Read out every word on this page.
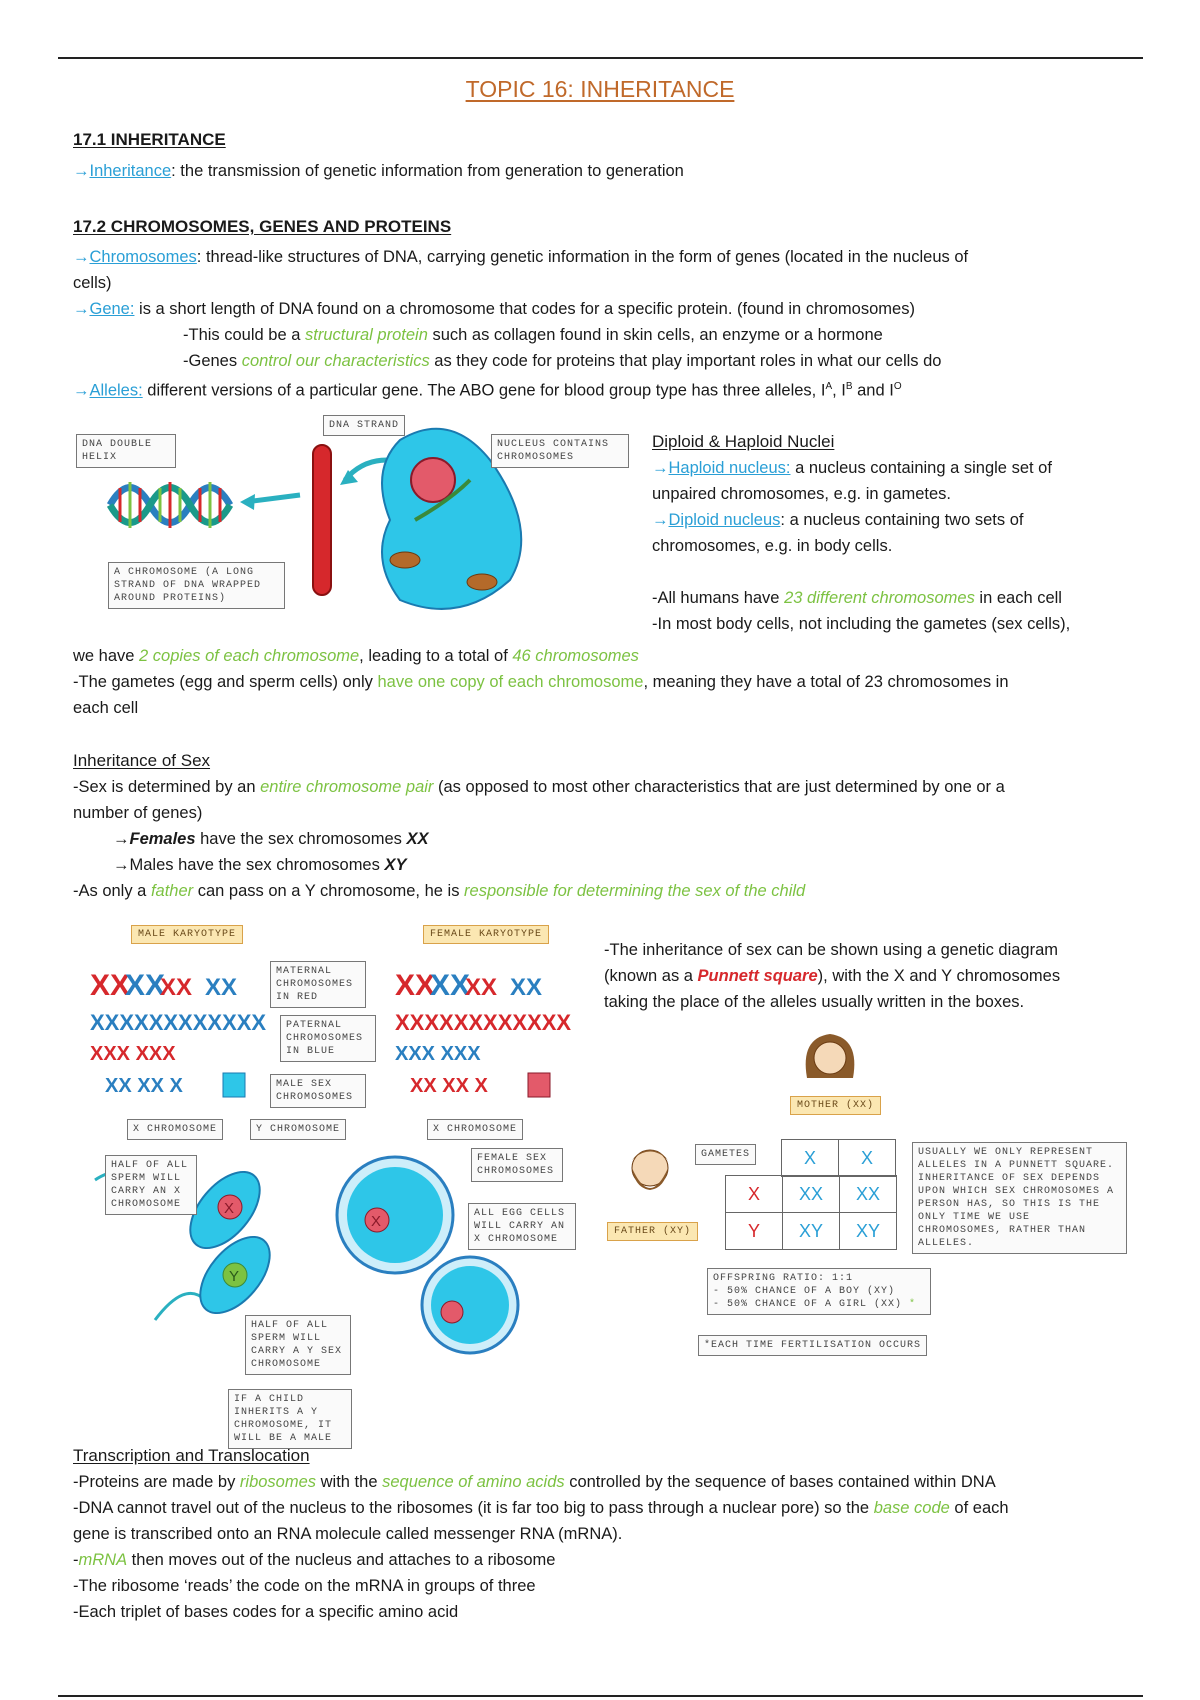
TOPIC 16: INHERITANCE
17.1 INHERITANCE
→Inheritance: the transmission of genetic information from generation to generation
17.2 CHROMOSOMES, GENES AND PROTEINS
→Chromosomes: thread-like structures of DNA, carrying genetic information in the form of genes (located in the nucleus of
cells)
→Gene: is a short length of DNA found on a chromosome that codes for a specific protein. (found in chromosomes)
-This could be a structural protein such as collagen found in skin cells, an enzyme or a hormone
-Genes control our characteristics as they code for proteins that play important roles in what our cells do
→Alleles: different versions of a particular gene. The ABO gene for blood group type has three alleles, $I^A$, $I^B$ and $I^O$
DNA DOUBLE HELIX
DNA STRAND
NUCLEUS CONTAINS CHROMOSOMES
A CHROMOSOME (A LONG STRAND OF DNA WRAPPED AROUND PROTEINS)
Diploid & Haploid Nuclei
→Haploid nucleus: a nucleus containing a single set of
unpaired chromosomes, e.g. in gametes.
→Diploid nucleus: a nucleus containing two sets of
chromosomes, e.g. in body cells.
-All humans have 23 different chromosomes in each cell
-In most body cells, not including the gametes (sex cells),
we have 2 copies of each chromosome, leading to a total of 46 chromosomes
-The gametes (egg and sperm cells) only have one copy of each chromosome, meaning they have a total of 23 chromosomes in
each cell
Inheritance of Sex
-Sex is determined by an entire chromosome pair (as opposed to most other characteristics that are just determined by one or a
number of genes)
→Females have the sex chromosomes XX
→Males have the sex chromosomes XY
-As only a father can pass on a Y chromosome, he is responsible for determining the sex of the child
-The inheritance of sex can be shown using a genetic diagram
(known as a Punnett square), with the X and Y chromosomes
taking the place of the alleles usually written in the boxes.
MALE KARYOTYPE	FEMALE KARYOTYPE
XX
XX
XX XX
XXXXXXXXXXXX
XXX XXX
XX XX X
XX
XX
XX XX
XXXXXXXXXXXX
XXX XXX
XX XX X
X
Y
X
MATERNAL CHROMOSOMES IN RED
PATERNAL CHROMOSOMES IN BLUE
MALE SEX CHROMOSOMES
X CHROMOSOME	Y CHROMOSOME	X CHROMOSOME
FEMALE SEX CHROMOSOMES
HALF OF ALL SPERM WILL CARRY AN X CHROMOSOME
ALL EGG CELLS WILL CARRY AN X CHROMOSOME
HALF OF ALL SPERM WILL CARRY A Y SEX CHROMOSOME
IF A CHILD INHERITS A Y CHROMOSOME, IT WILL BE A MALE
MOTHER (XX)
FATHER (XY)
GAMETES
		X	X
X	XX	XX
Y	XY	XY
USUALLY WE ONLY REPRESENT ALLELES IN A PUNNETT SQUARE. INHERITANCE OF SEX DEPENDS UPON WHICH SEX CHROMOSOMES A PERSON HAS, SO THIS IS THE ONLY TIME WE USE CHROMOSOMES, RATHER THAN ALLELES.
OFFSPRING RATIO: 1:1
- 50% CHANCE OF A BOY (XY)
- 50% CHANCE OF A GIRL (XX) *
*EACH TIME FERTILISATION OCCURS
Transcription and Translocation
-Proteins are made by ribosomes with the sequence of amino acids controlled by the sequence of bases contained within DNA
-DNA cannot travel out of the nucleus to the ribosomes (it is far too big to pass through a nuclear pore) so the base code of each
gene is transcribed onto an RNA molecule called messenger RNA (mRNA).
-mRNA then moves out of the nucleus and attaches to a ribosome
-The ribosome ‘reads’ the code on the mRNA in groups of three
-Each triplet of bases codes for a specific amino acid
